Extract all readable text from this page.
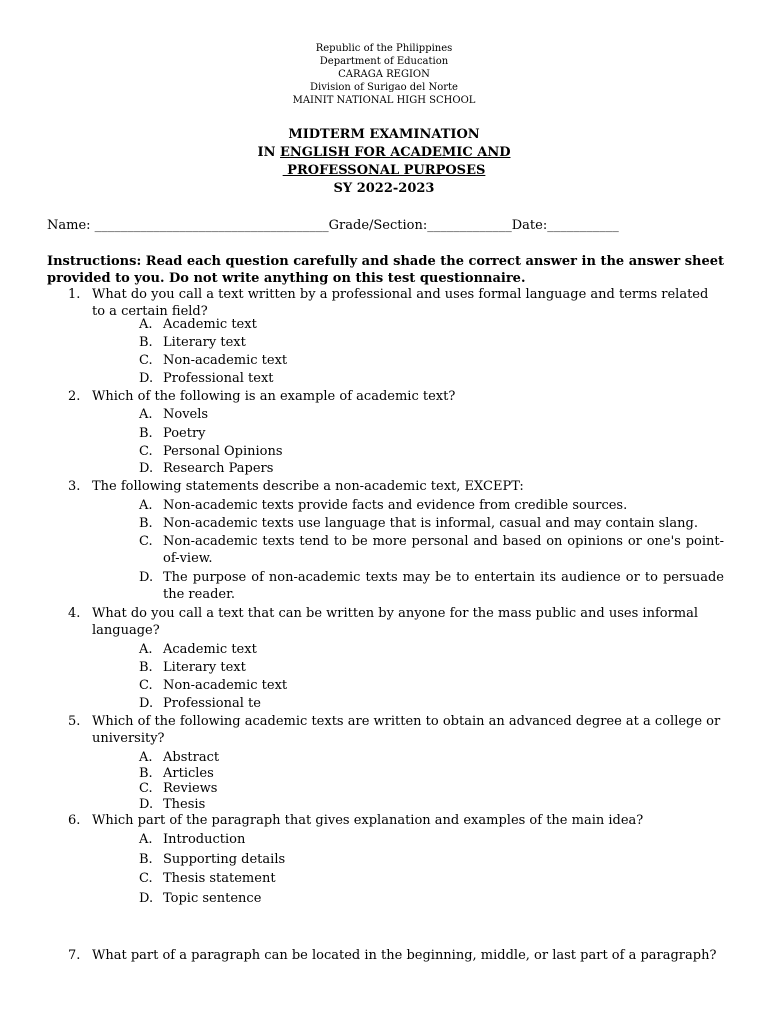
Republic of the Philippines
Department of Education
CARAGA REGION
Division of Surigao del Norte
MAINIT NATIONAL HIGH SCHOOL
MIDTERM EXAMINATION
IN ENGLISH FOR ACADEMIC AND
PROFESSONAL PURPOSES
SY 2022-2023
Name: ____________________________________Grade/Section:_____________Date:___________
Instructions: Read each question carefully and shade the correct answer in the answer sheet provided to you. Do not write anything on this test questionnaire.
1. What do you call a text written by a professional and uses formal language and terms related to a certain field?
A. Academic text
B. Literary text
C. Non-academic text
D. Professional text
2. Which of the following is an example of academic text?
A. Novels
B. Poetry
C. Personal Opinions
D. Research Papers
3. The following statements describe a non-academic text, EXCEPT:
A. Non-academic texts provide facts and evidence from credible sources.
B. Non-academic texts use language that is informal, casual and may contain slang.
C. Non-academic texts tend to be more personal and based on opinions or one's point-of-view.
D. The purpose of non-academic texts may be to entertain its audience or to persuade the reader.
4. What do you call a text that can be written by anyone for the mass public and uses informal language?
A. Academic text
B. Literary text
C. Non-academic text
D. Professional te
5. Which of the following academic texts are written to obtain an advanced degree at a college or university?
A. Abstract
B. Articles
C. Reviews
D. Thesis
6. Which part of the paragraph that gives explanation and examples of the main idea?
A. Introduction
B. Supporting details
C. Thesis statement
D. Topic sentence
7. What part of a paragraph can be located in the beginning, middle, or last part of a paragraph?
